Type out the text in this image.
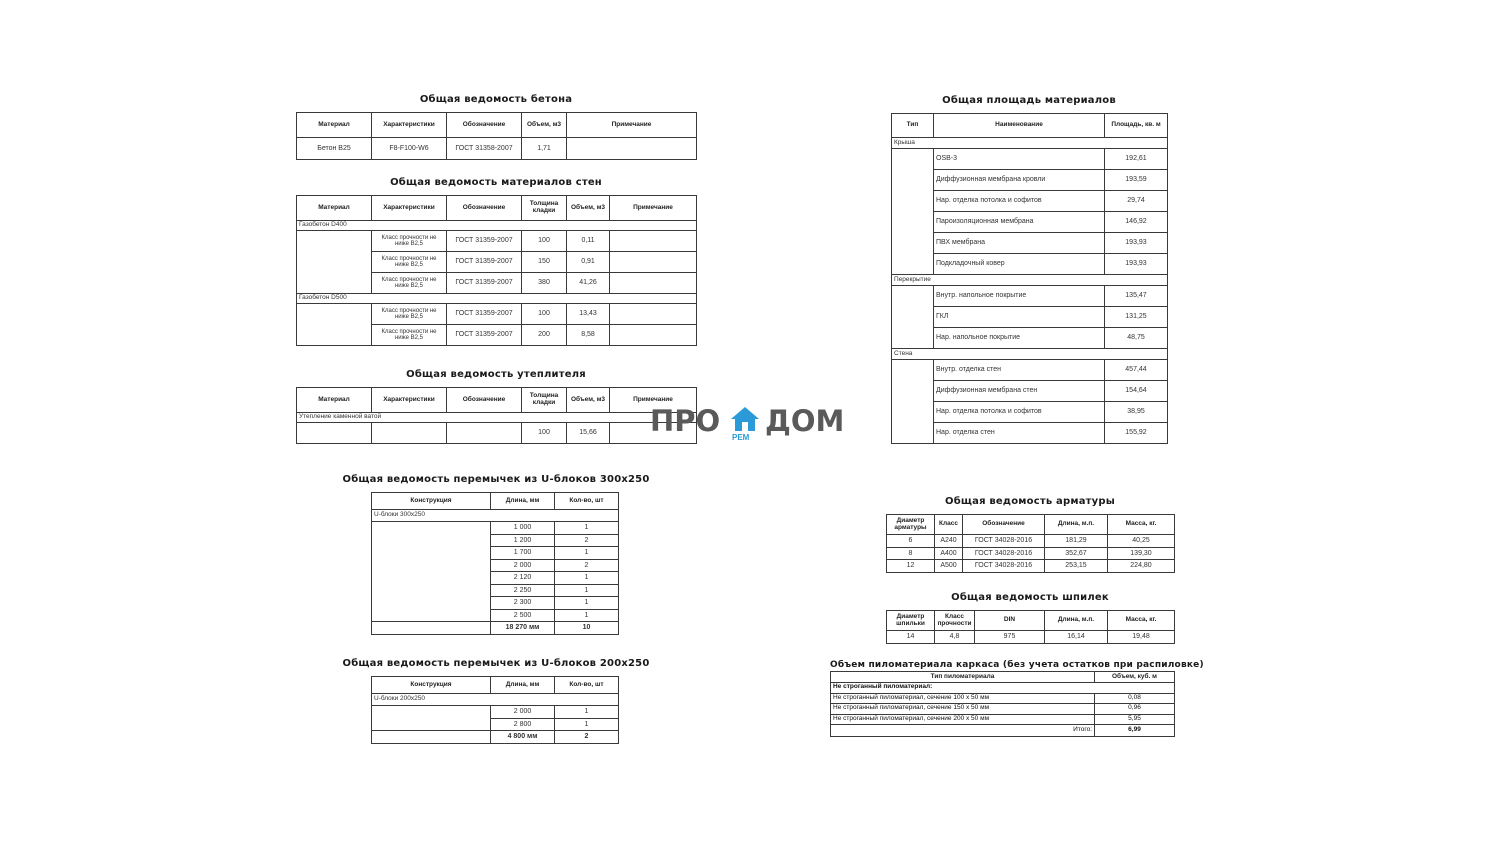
Общая ведомость бетона
Материал	Характеристики	Обозначение	Объем, м3	Примечание
Бетон B25	F8-F100-W6	ГОСТ 31358-2007	1,71	
Общая ведомость материалов стен
Материал	Характеристики	Обозначение	Толщина кладки	Объем, м3	Примечание
Газобетон D400					
	Класс прочности не ниже B2,5	ГОСТ 31359-2007	100	0,11	
	Класс прочности не ниже B2,5	ГОСТ 31359-2007	150	0,91	
	Класс прочности не ниже B2,5	ГОСТ 31359-2007	380	41,26	
Газобетон D500					
	Класс прочности не ниже B2,5	ГОСТ 31359-2007	100	13,43	
	Класс прочности не ниже B2,5	ГОСТ 31359-2007	200	8,58	
Общая ведомость утеплителя
Материал	Характеристики	Обозначение	Толщина кладки	Объем, м3	Примечание
Утепление каменной ватой					
			100	15,66	
Общая ведомость перемычек из U-блоков 300х250
Конструкция	Длина, мм	Кол-во, шт
U-блоки 300х250		
	1 000	1
	1 200	2
	1 700	1
	2 000	2
	2 120	1
	2 250	1
	2 300	1
	2 500	1
	18 270 мм	10
Общая ведомость перемычек из U-блоков 200х250
Конструкция	Длина, мм	Кол-во, шт
U-блоки 200х250		
	2 000	1
	2 800	1
	4 800 мм	2
Общая площадь материалов
Тип	Наименование	Площадь, кв. м
Крыша		
	OSB-3	192,61
	Диффузионная мембрана кровли	193,59
	Нар. отделка потолка и софитов	29,74
	Пароизоляционная мембрана	146,92
	ПВХ мембрана	193,93
	Подкладочный ковер	193,93
Перекрытие		
	Внутр. напольное покрытие	135,47
	ГКЛ	131,25
	Нар. напольное покрытие	48,75
Стена		
	Внутр. отделка стен	457,44
	Диффузионная мембрана стен	154,64
	Нар. отделка потолка и софитов	38,95
	Нар. отделка стен	155,92
Общая ведомость арматуры
Диаметр арматуры	Класс	Обозначение	Длина, м.п.	Масса, кг.
6	A240	ГОСТ 34028-2016	181,29	40,25
8	A400	ГОСТ 34028-2016	352,67	139,30
12	A500	ГОСТ 34028-2016	253,15	224,80
Общая ведомость шпилек
Диаметр шпильки	Класс прочности	DIN	Длина, м.п.	Масса, кг.
14	4,8	975	16,14	19,48
Объем пиломатериала каркаса (без учета остатков при распиловке)
Тип пиломатериала	Объем, куб. м
Не строганный пиломатериал:	
Не строганный пиломатериал, сечение 100 х 50 мм	0,08
Не строганный пиломатериал, сечение 150 х 50 мм	0,96
Не строганный пиломатериал, сечение 200 х 50 мм	5,95
Итого:	6,99
ПРО РЕМ ДОМ
